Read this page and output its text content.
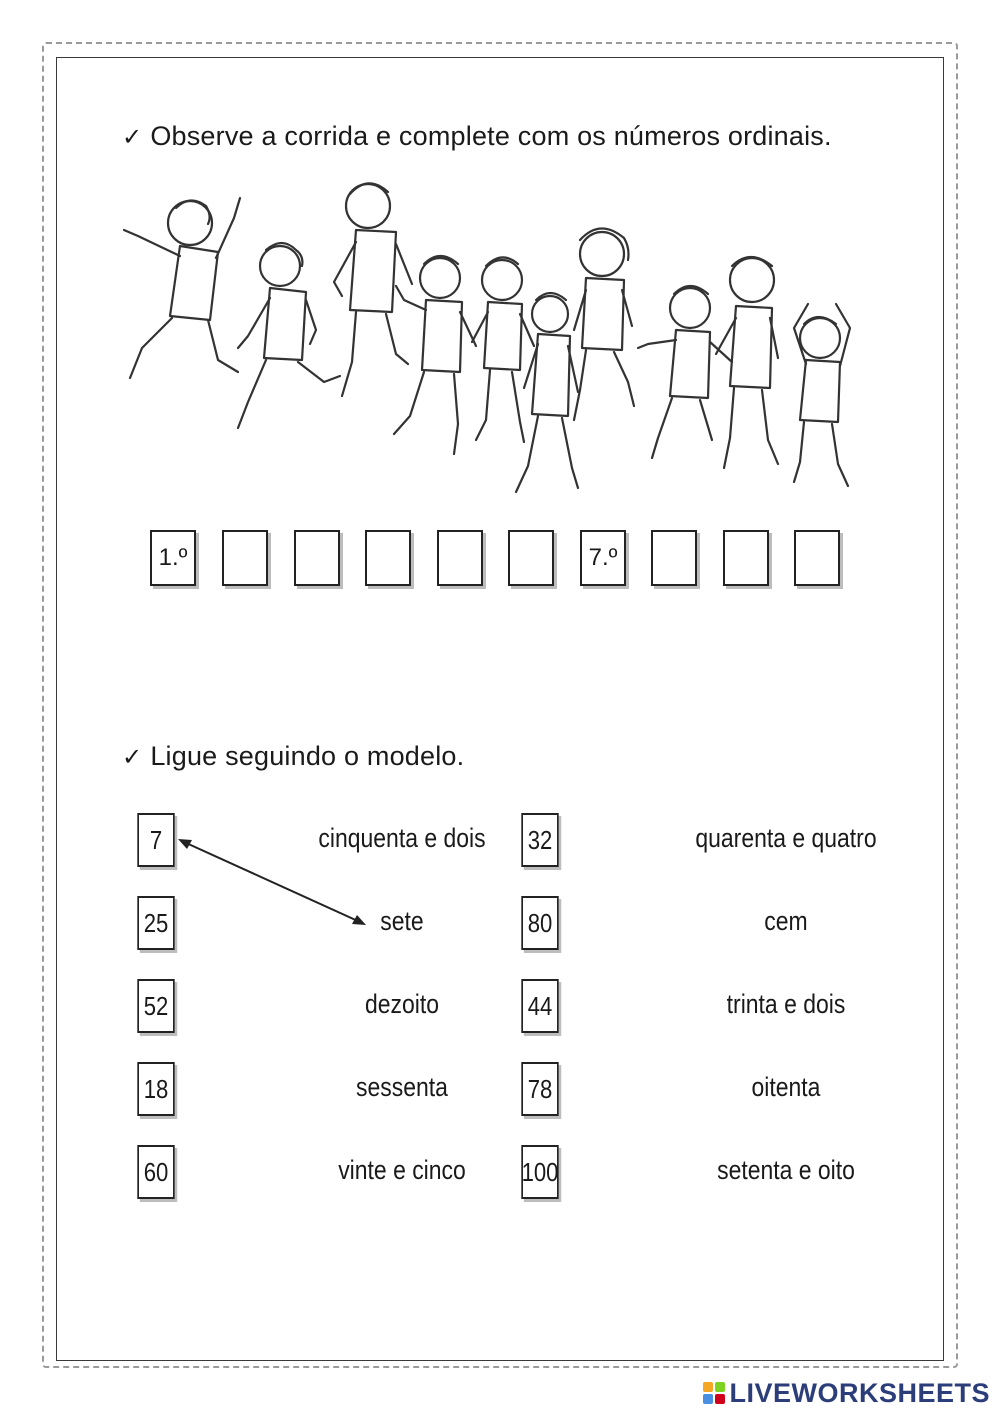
✓ Observe a corrida e complete com os números ordinais.
1.º	7.º
✓ Ligue seguindo o modelo.
7
25
52
18
60
cinquenta e dois
sete
dezoito
sessenta
vinte e cinco
32
80
44
78
100
quarenta e quatro
cem
trinta e dois
oitenta
setenta e oito
LIVEWORKSHEETS
